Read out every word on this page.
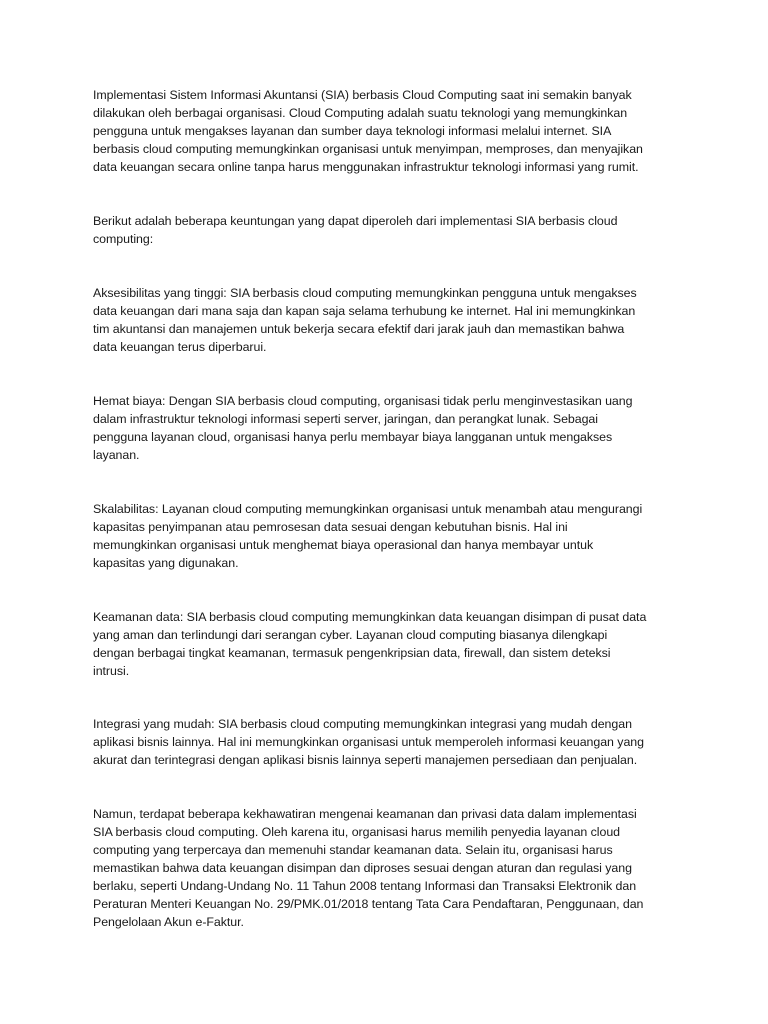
Implementasi Sistem Informasi Akuntansi (SIA) berbasis Cloud Computing saat ini semakin banyak
dilakukan oleh berbagai organisasi. Cloud Computing adalah suatu teknologi yang memungkinkan
pengguna untuk mengakses layanan dan sumber daya teknologi informasi melalui internet. SIA
berbasis cloud computing memungkinkan organisasi untuk menyimpan, memproses, dan menyajikan
data keuangan secara online tanpa harus menggunakan infrastruktur teknologi informasi yang rumit.

Berikut adalah beberapa keuntungan yang dapat diperoleh dari implementasi SIA berbasis cloud
computing:

Aksesibilitas yang tinggi: SIA berbasis cloud computing memungkinkan pengguna untuk mengakses
data keuangan dari mana saja dan kapan saja selama terhubung ke internet. Hal ini memungkinkan
tim akuntansi dan manajemen untuk bekerja secara efektif dari jarak jauh dan memastikan bahwa
data keuangan terus diperbarui.

Hemat biaya: Dengan SIA berbasis cloud computing, organisasi tidak perlu menginvestasikan uang
dalam infrastruktur teknologi informasi seperti server, jaringan, dan perangkat lunak. Sebagai
pengguna layanan cloud, organisasi hanya perlu membayar biaya langganan untuk mengakses
layanan.

Skalabilitas: Layanan cloud computing memungkinkan organisasi untuk menambah atau mengurangi
kapasitas penyimpanan atau pemrosesan data sesuai dengan kebutuhan bisnis. Hal ini
memungkinkan organisasi untuk menghemat biaya operasional dan hanya membayar untuk
kapasitas yang digunakan.

Keamanan data: SIA berbasis cloud computing memungkinkan data keuangan disimpan di pusat data
yang aman dan terlindungi dari serangan cyber. Layanan cloud computing biasanya dilengkapi
dengan berbagai tingkat keamanan, termasuk pengenkripsian data, firewall, dan sistem deteksi
intrusi.

Integrasi yang mudah: SIA berbasis cloud computing memungkinkan integrasi yang mudah dengan
aplikasi bisnis lainnya. Hal ini memungkinkan organisasi untuk memperoleh informasi keuangan yang
akurat dan terintegrasi dengan aplikasi bisnis lainnya seperti manajemen persediaan dan penjualan.

Namun, terdapat beberapa kekhawatiran mengenai keamanan dan privasi data dalam implementasi
SIA berbasis cloud computing. Oleh karena itu, organisasi harus memilih penyedia layanan cloud
computing yang terpercaya dan memenuhi standar keamanan data. Selain itu, organisasi harus
memastikan bahwa data keuangan disimpan dan diproses sesuai dengan aturan dan regulasi yang
berlaku, seperti Undang-Undang No. 11 Tahun 2008 tentang Informasi dan Transaksi Elektronik dan
Peraturan Menteri Keuangan No. 29/PMK.01/2018 tentang Tata Cara Pendaftaran, Penggunaan, dan
Pengelolaan Akun e-Faktur.
